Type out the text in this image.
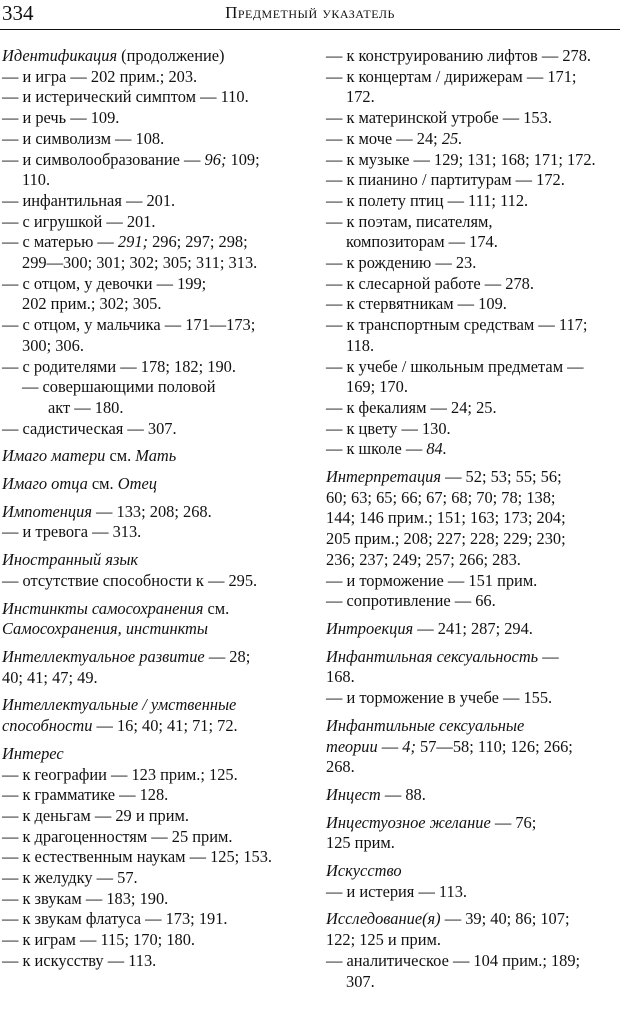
334	Предметный указатель
Идентификация (продолжение)
— и игра — 202 прим.; 203.
— и истерический симптом — 110.
— и речь — 109.
— и символизм — 108.
— и символообразование — 96; 109;
110.
— инфантильная — 201.
— с игрушкой — 201.
— с матерью — 291; 296; 297; 298;
299—300; 301; 302; 305; 311; 313.
— с отцом, у девочки — 199;
202 прим.; 302; 305.
— с отцом, у мальчика — 171—173;
300; 306.
— с родителями — 178; 182; 190.
— совершающими половой
акт — 180.
— садистическая — 307.
Имаго матери см. Мать
Имаго отца см. Отец
Импотенция — 133; 208; 268.
— и тревога — 313.
Иностранный язык
— отсутствие способности к — 295.
Инстинкты самосохранения см.
Самосохранения, инстинкты
Интеллектуальное развитие — 28;
40; 41; 47; 49.
Интеллектуальные / умственные
способности — 16; 40; 41; 71; 72.
Интерес
— к географии — 123 прим.; 125.
— к грамматике — 128.
— к деньгам — 29 и прим.
— к драгоценностям — 25 прим.
— к естественным наукам — 125; 153.
— к желудку — 57.
— к звукам — 183; 190.
— к звукам флатуса — 173; 191.
— к играм — 115; 170; 180.
— к искусству — 113.
— к конструированию лифтов — 278.
— к концертам / дирижерам — 171;
172.
— к материнской утробе — 153.
— к моче — 24; 25.
— к музыке — 129; 131; 168; 171; 172.
— к пианино / партитурам — 172.
— к полету птиц — 111; 112.
— к поэтам, писателям,
композиторам — 174.
— к рождению — 23.
— к слесарной работе — 278.
— к стервятникам — 109.
— к транспортным средствам — 117;
118.
— к учебе / школьным предметам —
169; 170.
— к фекалиям — 24; 25.
— к цвету — 130.
— к школе — 84.
Интерпретация — 52; 53; 55; 56;
60; 63; 65; 66; 67; 68; 70; 78; 138;
144; 146 прим.; 151; 163; 173; 204;
205 прим.; 208; 227; 228; 229; 230;
236; 237; 249; 257; 266; 283.
— и торможение — 151 прим.
— сопротивление — 66.
Интроекция — 241; 287; 294.
Инфантильная сексуальность —
168.
— и торможение в учебе — 155.
Инфантильные сексуальные
теории — 4; 57—58; 110; 126; 266;
268.
Инцест — 88.
Инцестуозное желание — 76;
125 прим.
Искусство
— и истерия — 113.
Исследование(я) — 39; 40; 86; 107;
122; 125 и прим.
— аналитическое — 104 прим.; 189;
307.
